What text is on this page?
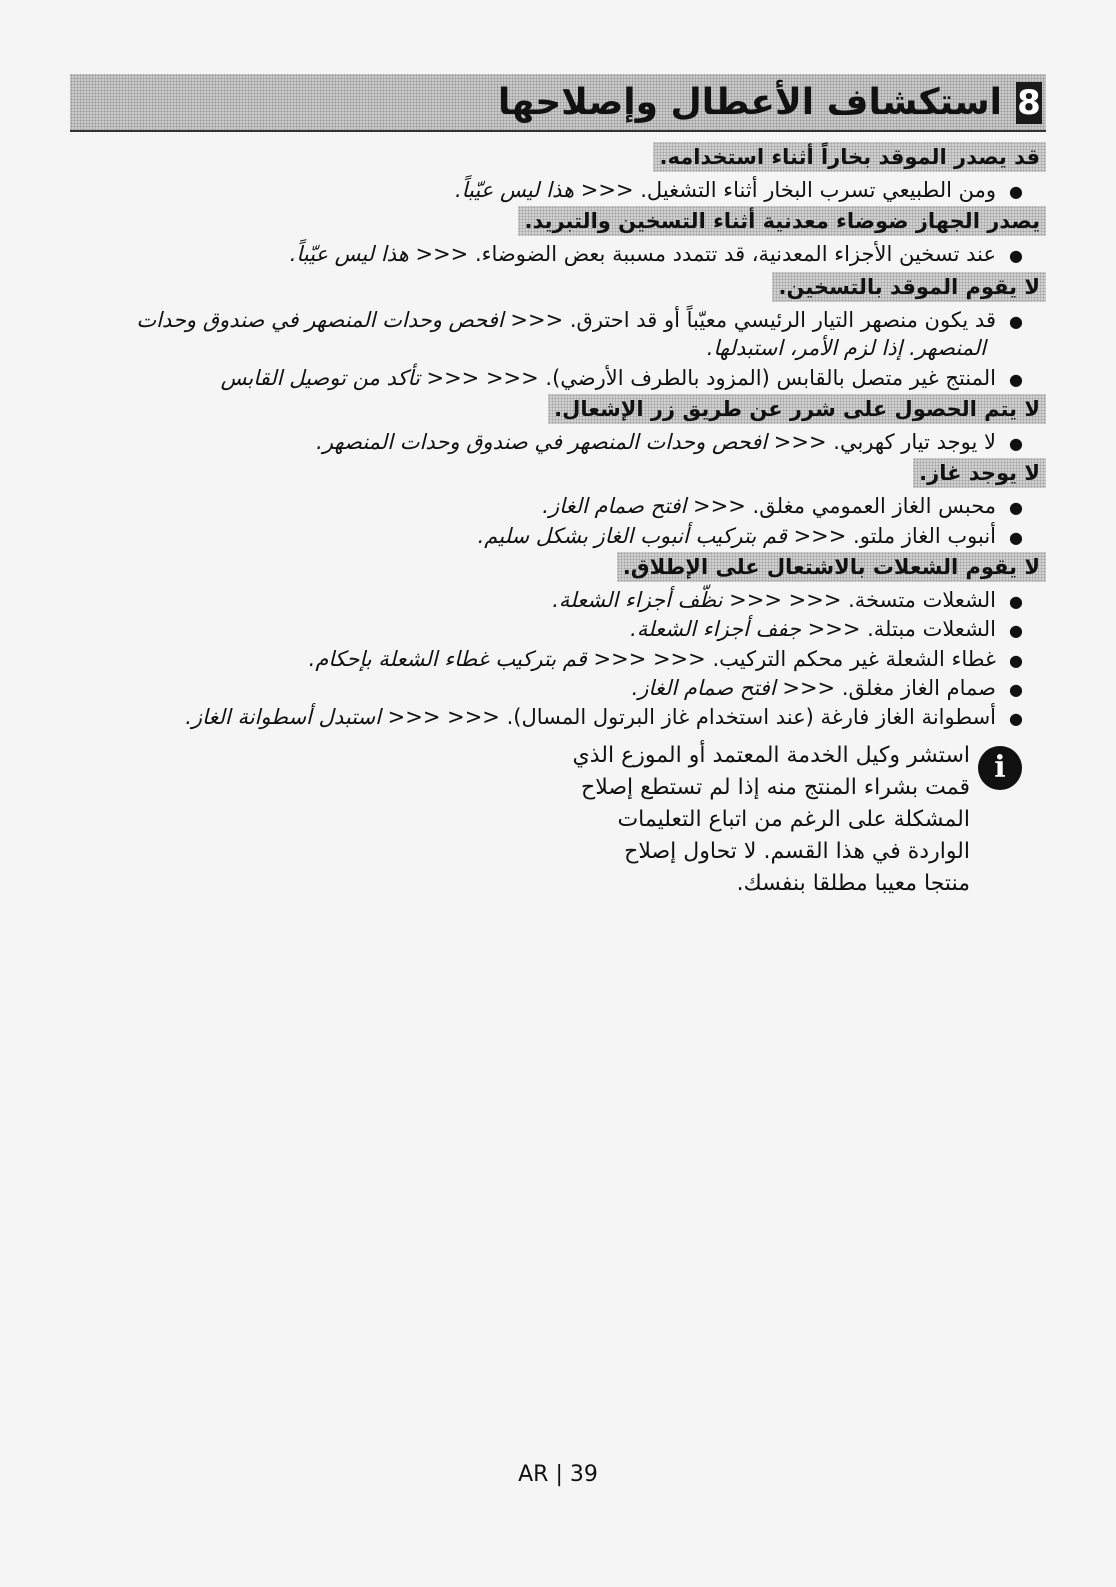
8
استكشاف الأعطال وإصلاحها
قد يصدر الموقد بخاراً أثناء استخدامه.
●ومن الطبيعي تسرب البخار أثناء التشغيل. <<< هذا ليس عيّباً.
يصدر الجهاز ضوضاء معدنية أثناء التسخين والتبريد.
●عند تسخين الأجزاء المعدنية، قد تتمدد مسببة بعض الضوضاء. <<< هذا ليس عيّباً.
لا يقوم الموقد بالتسخين.
●قد يكون منصهر التيار الرئيسي معيّباً أو قد احترق. <<< افحص وحدات المنصهر في صندوق وحدات
المنصهر. إذا لزم الأمر، استبدلها.
●المنتج غير متصل بالقابس (المزود بالطرف الأرضي). <<< <<< تأكد من توصيل القابس
لا يتم الحصول على شرر عن طريق زر الإشعال.
●لا يوجد تيار كهربي. <<< افحص وحدات المنصهر في صندوق وحدات المنصهر.
لا يوجد غاز.
●محبس الغاز العمومي مغلق. <<< افتح صمام الغاز.
●أنبوب الغاز ملتو. <<< قم بتركيب أنبوب الغاز بشكل سليم.
لا يقوم الشعلات بالاشتعال على الإطلاق.
●الشعلات متسخة. <<< <<< نظّف أجزاء الشعلة.
●الشعلات مبتلة. <<< جفف أجزاء الشعلة.
●غطاء الشعلة غير محكم التركيب. <<< <<< قم بتركيب غطاء الشعلة بإحكام.
●صمام الغاز مغلق. <<< افتح صمام الغاز.
●أسطوانة الغاز فارغة (عند استخدام غاز البرتول المسال). <<< <<< استبدل أسطوانة الغاز.
i
استشر وكيل الخدمة المعتمد أو الموزع الذي
قمت بشراء المنتج منه إذا لم تستطع إصلاح
المشكلة على الرغم من اتباع التعليمات
الواردة في هذا القسم. لا تحاول إصلاح
منتجا معيبا مطلقا بنفسك.
AR | 39
